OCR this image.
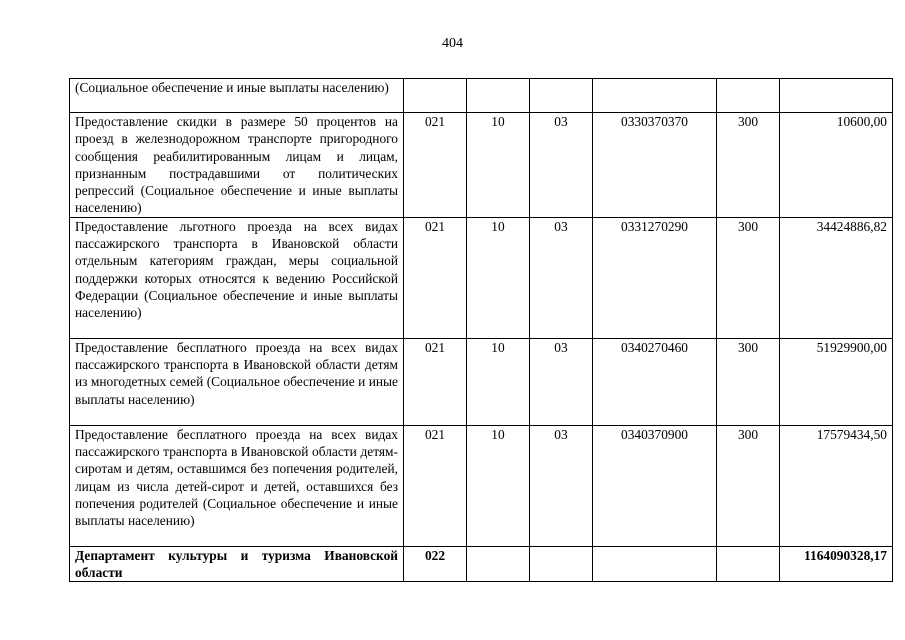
404
(Социальное обеспечение и иные выплаты населению)						
Предоставление скидки в размере 50 процентов на проезд в железнодорожном транспорте пригородного сообщения реабилитированным лицам и лицам, признанным пострадавшими от политических репрессий (Социальное обеспечение и иные выплаты населению)	021	10	03	0330370370	300	10600,00
Предоставление льготного проезда на всех видах пассажирского транспорта в Ивановской области отдельным категориям граждан, меры социальной поддержки которых относятся к ведению Российской Федерации (Социальное обеспечение и иные выплаты населению)	021	10	03	0331270290	300	34424886,82
Предоставление бесплатного проезда на всех видах пассажирского транспорта в Ивановской области детям из многодетных семей (Социальное обеспечение и иные выплаты населению)	021	10	03	0340270460	300	51929900,00
Предоставление бесплатного проезда на всех видах пассажирского транспорта в Ивановской области детям-сиротам и детям, оставшимся без попечения родителей, лицам из числа детей-сирот и детей, оставшихся без попечения родителей (Социальное обеспечение и иные выплаты населению)	021	10	03	0340370900	300	17579434,50
Департамент культуры и туризма Ивановской области	022					1164090328,17
